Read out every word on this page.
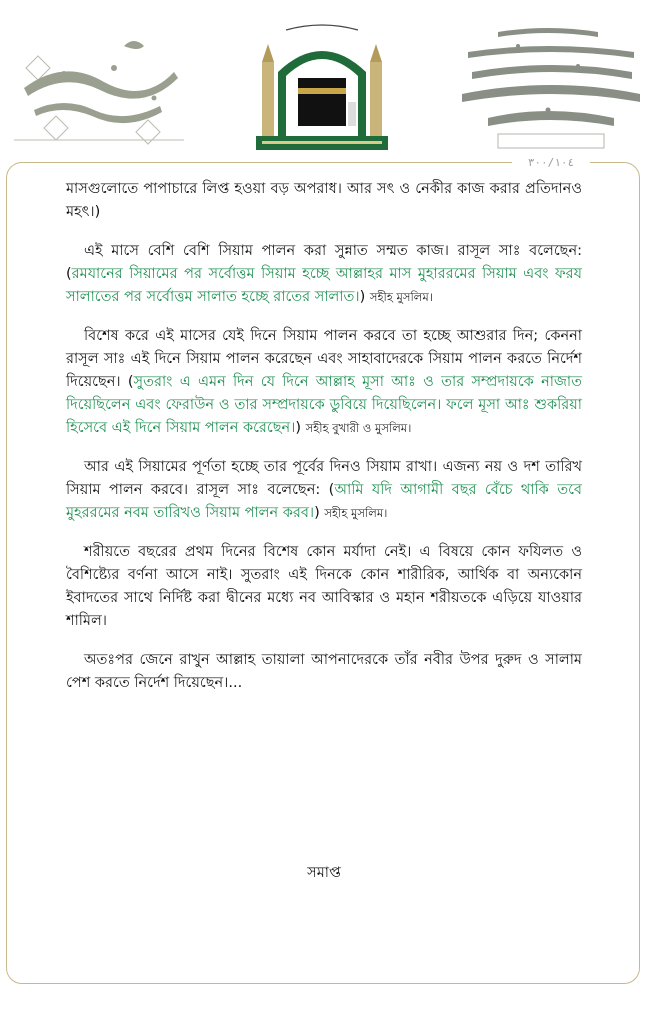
٣٠٠/١٠٤

মাসগুলোতে পাপাচারে লিপ্ত হওয়া বড় অপরাধ। আর সৎ ও নেকীর কাজ করার প্রতিদানও মহৎ।)

এই মাসে বেশি বেশি সিয়াম পালন করা সুন্নাত সম্মত কাজ। রাসূল সাঃ বলেছেন: (রমযানের সিয়ামের পর সর্বোত্তম সিয়াম হচ্ছে আল্লাহর মাস মুহাররমের সিয়াম এবং ফরয সালাতের পর সর্বোত্তম সালাত হচ্ছে রাতের সালাত।) সহীহ মুসলিম।

বিশেষ করে এই মাসের যেই দিনে সিয়াম পালন করবে তা হচ্ছে আশুরার দিন; কেননা রাসূল সাঃ এই দিনে সিয়াম পালন করেছেন এবং সাহাবাদেরকে সিয়াম পালন করতে নির্দেশ দিয়েছেন। (সুতরাং এ এমন দিন যে দিনে আল্লাহ মূসা আঃ ও তার সম্প্রদায়কে নাজাত দিয়েছিলেন এবং ফেরাউন ও তার সম্প্রদায়কে ডুবিয়ে দিয়েছিলেন। ফলে মূসা আঃ শুকরিয়া হিসেবে এই দিনে সিয়াম পালন করেছেন।) সহীহ বুখারী ও মুসলিম।

আর এই সিয়ামের পূর্ণতা হচ্ছে তার পূর্বের দিনও সিয়াম রাখা। এজন্য নয় ও দশ তারিখ সিয়াম পালন করবে। রাসূল সাঃ বলেছেন: (আমি যদি আগামী বছর বেঁচে থাকি তবে মুহররমের নবম তারিখও সিয়াম পালন করব।) সহীহ মুসলিম।

শরীয়তে বছরের প্রথম দিনের বিশেষ কোন মর্যাদা নেই। এ বিষয়ে কোন ফযিলত ও বৈশিষ্ট্যের বর্ণনা আসে নাই। সুতরাং এই দিনকে কোন শারীরিক, আর্থিক বা অন্যকোন ইবাদতের সাথে নির্দিষ্ট করা দ্বীনের মধ্যে নব আবিস্কার ও মহান শরীয়তকে এড়িয়ে যাওয়ার শামিল।

অতঃপর জেনে রাখুন আল্লাহ তায়ালা আপনাদেরকে তাঁর নবীর উপর দুরুদ ও সালাম পেশ করতে নির্দেশ দিয়েছেন।...

সমাপ্ত
